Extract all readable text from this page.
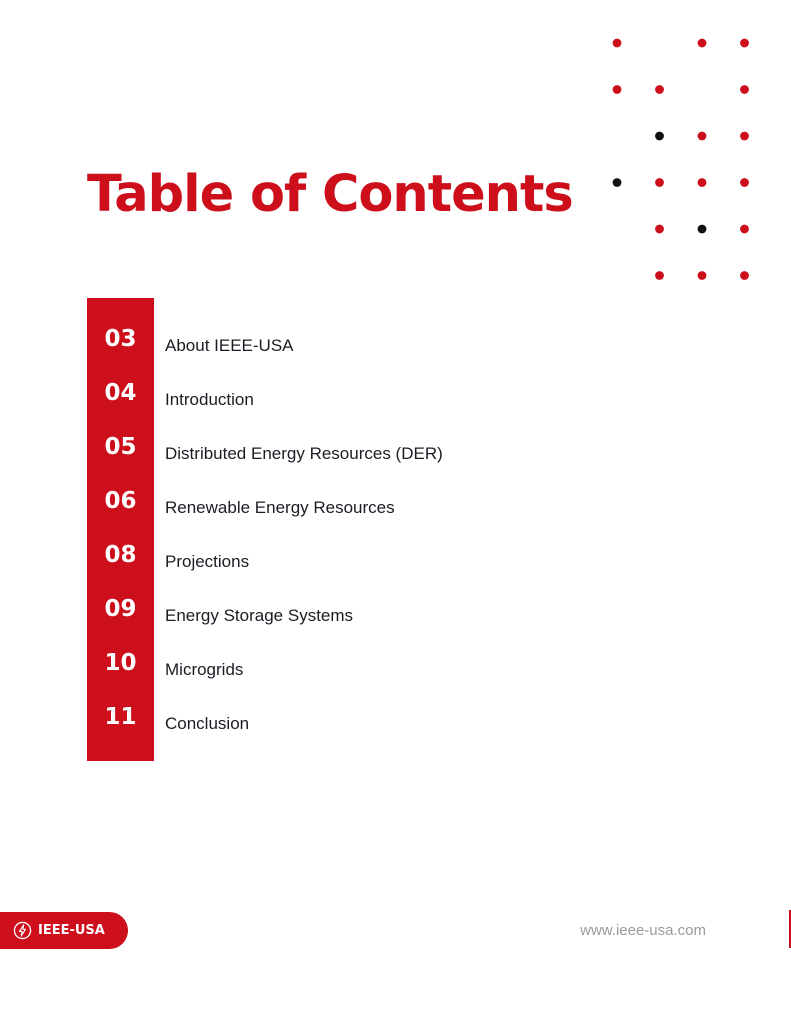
Table of Contents
03	About IEEE-USA
04	Introduction
05	Distributed Energy Resources (DER)
06	Renewable Energy Resources
08	Projections
09	Energy Storage Systems
10	Microgrids
11	Conclusion
IEEE-USA	www.ieee-usa.com
